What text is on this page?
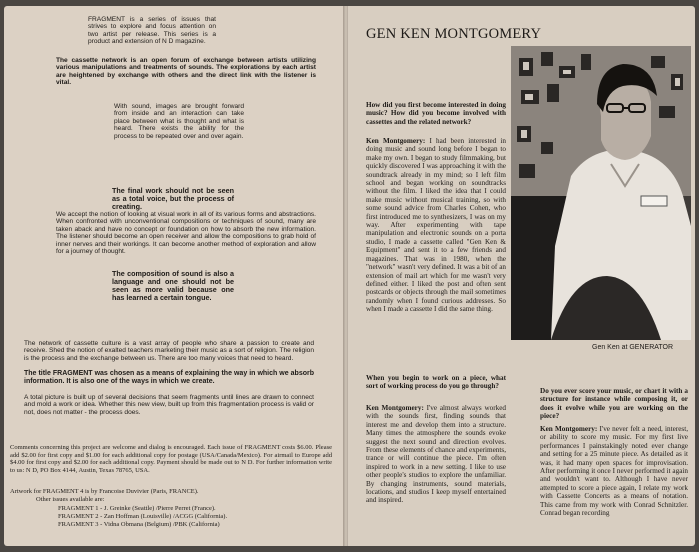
FRAGMENT is a series of issues that strives to explore and focus attention on two artist per release. This series is a product and extension of N D magazine.

The cassette network is an open forum of exchange between artists utilizing various manipulations and treatments of sounds. The explorations by each artist are heightened by exchange with others and the direct link with the listener is vital.

With sound, images are brought forward from inside and an interaction can take place between what is thought and what is heard. There exists the ability for the process to be repeated over and over again.

The final work should not be seen as a total voice, but the process of creating.

We accept the notion of looking at visual work in all of its various forms and abstractions. When confronted with unconventional compositions or techniques of sound, many are taken aback and have no concept or foundation on how to absorb the new information. The listener should become an open receiver and allow the compositions to grab hold of inner nerves and their workings. It can become another method of exploration and allow for a journey of thought.

The composition of sound is also a language and one should not be seen as more valid because one has learned a certain tongue.

The network of cassette culture is a vast array of people who share a passion to create and receive. Shed the notion of exalted teachers marketing their music as a sort of religion. The religion is the process and the exchange between us. There are too many voices that need to heard.

The title FRAGMENT was chosen as a means of explaining the way in which we absorb information. It is also one of the ways in which we create.

A total picture is built up of several decisions that seem fragments until lines are drawn to connect and mold a work or idea. Whether this new view, built up from this fragmentation process is valid or not, does not matter - the process does.

Comments concerning this project are welcome and dialog is encouraged. Each issue of FRAGMENT costs $6.00. Please add $2.00 for first copy and $1.00 for each additional copy for postage (USA/Canada/Mexico). For airmail to Europe add $4.00 for first copy and $2.00 for each additional copy. Payment should be made out to N D. For further information write to us: N D, PO Box 4144, Austin, Texas 78765, USA.

Artwork for FRAGMENT 4 is by Francoise Duvivier (Paris, FRANCE).

Other issues available are:

FRAGMENT 1 - J. Greinke (Seattle) /Pierre Perret (France).
FRAGMENT 2 - Zan Hoffman (Louisville) /ACGG (California).
FRAGMENT 3 - Vidna Obmana (Belgium) /PBK (California)
GEN KEN MONTGOMERY
Gen Ken at GENERATOR

How did you first become interested in doing music? How did you become involved with cassettes and the related network?

Ken Montgomery: I had been interested in doing music and sound long before I began to make my own. I began to study filmmaking, but quickly discovered I was approaching it with the soundtrack already in my mind; so I left film school and began working on soundtracks without the film. I liked the idea that I could make music without musical training, so with some sound advice from Charles Cohen, who first introduced me to synthesizers, I was on my way. After experimenting with tape manipulation and electronic sounds on a porta studio, I made a cassette called "Gen Ken & Equipment" and sent it to a few friends and magazines. That was in 1980, when the "network" wasn't very defined. It was a bit of an extension of mail art which for me wasn't very defined either. I liked the post and often sent postcards or objects through the mail sometimes randomly when I found curious addresses. So when I made a cassette I did the same thing.

When you begin to work on a piece, what sort of working process do you go through?

Ken Montgomery: I've almost always worked with the sounds first, finding sounds that interest me and develop them into a structure. Many times the atmosphere the sounds evoke suggest the next sound and direction evolves. From these elements of chance and experiments, trance or will continue the piece. I'm often inspired to work in a new setting. I like to use other people's studios to explore the unfamiliar. By changing instruments, sound materials, locations, and studios I keep myself entertained and inspired.

Do you ever score your music, or chart it with a structure for instance while composing it, or does it evolve while you are working on the piece?

Ken Montgomery: I've never felt a need, interest, or ability to score my music. For my first live performances I painstakingly noted ever change and setting for a 25 minute piece. As detailed as it was, it had many open spaces for improvisation. After performing it once I never performed it again and wouldn't want to. Although I have never attempted to score a piece again, I relate my work with Cassette Concerts as a means of notation. This came from my work with Conrad Schnitzler. Conrad began recording
